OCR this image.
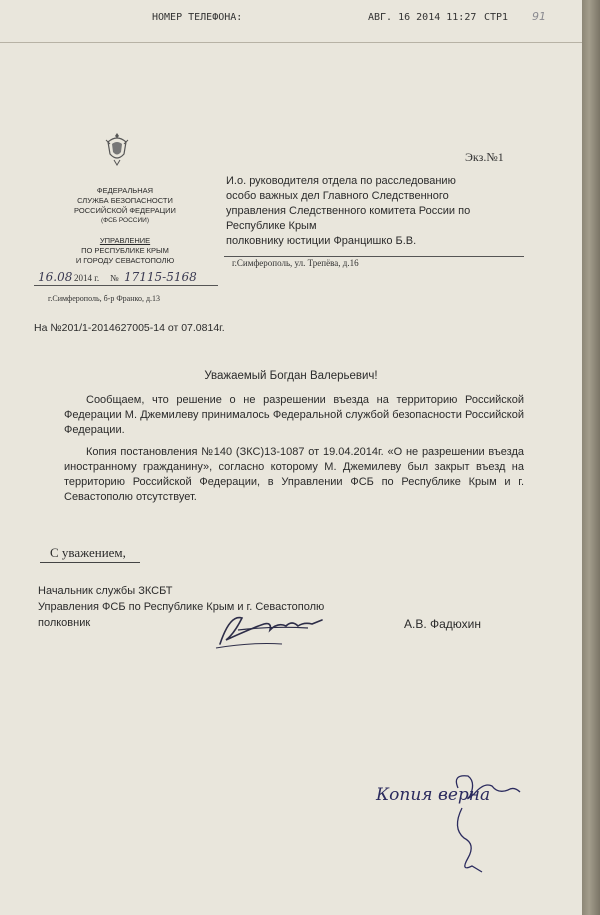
НОМЕР ТЕЛЕФОНА:	АВГ. 16 2014 11:27 СТР1 91
ФЕДЕРАЛЬНАЯ
СЛУЖБА БЕЗОПАСНОСТИ
РОССИЙСКОЙ ФЕДЕРАЦИИ
(ФСБ РОССИИ)
УПРАВЛЕНИЕ
ПО РЕСПУБЛИКЕ КРЫМ
И ГОРОДУ СЕВАСТОПОЛЮ
16.08 2014 г. № 17115-5168
г.Симферополь, б-р Франко, д.13
Экз.№1
И.о. руководителя отдела по расследованию
особо важных дел Главного Следственного
управления Следственного комитета России по
Республике Крым
полковнику юстиции Францишко Б.В.
г.Симферополь, ул. Трепёва, д.16
На №201/1-2014627005-14 от 07.0814г.
Уважаемый Богдан Валерьевич!
Сообщаем, что решение о не разрешении въезда на территорию Российской Федерации М. Джемилеву принималось Федеральной службой безопасности Российской Федерации.
Копия постановления №140 (ЗКС)13-1087 от 19.04.2014г. «О не разрешении въезда иностранному гражданину», согласно которому М. Джемилеву был закрыт въезд на территорию Российской Федерации, в Управлении ФСБ по Республике Крым и г. Севастополю отсутствует.
С уважением,
Начальник службы ЗКСБТ
Управления ФСБ по Республике Крым и г. Севастополю
полковник	А.В. Фадюхин
Копия верна
